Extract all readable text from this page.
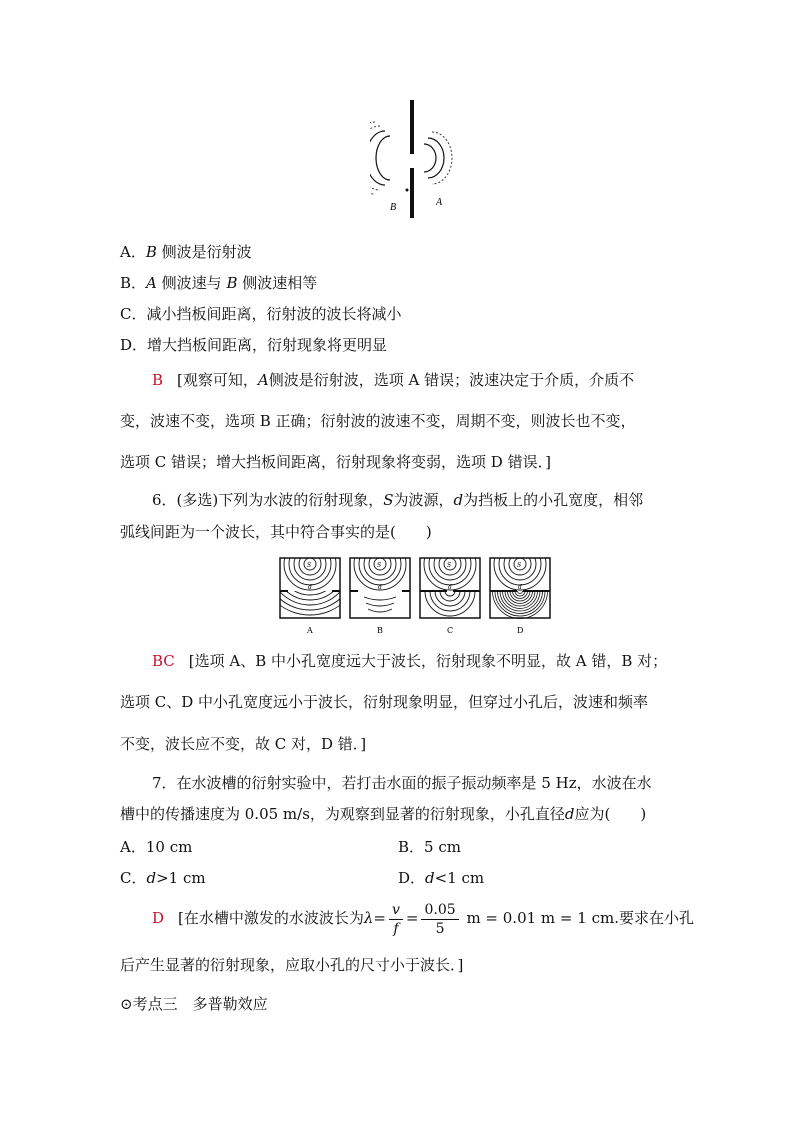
B	A
A．B 侧波是衍射波
B．A 侧波速与 B 侧波速相等
C．减小挡板间距离，衍射波的波长将减小
D．增大挡板间距离，衍射现象将更明显
B [观察可知，A侧波是衍射波，选项 A 错误；波速决定于介质，介质不
变，波速不变，选项 B 正确；衍射波的波速不变，周期不变，则波长也不变，
选项 C 错误；增大挡板间距离，衍射现象将变弱，选项 D 错误．]
6．(多选)下列为水波的衍射现象，S为波源，d为挡板上的小孔宽度，相邻
弧线间距为一个波长，其中符合事实的是(　　)
S
d
A
S
d
B
S
d
C
S
d
D
BC [选项 A、B 中小孔宽度远大于波长，衍射现象不明显，故 A 错，B 对；
选项 C、D 中小孔宽度远小于波长，衍射现象明显，但穿过小孔后，波速和频率
不变，波长应不变，故 C 对，D 错．]
7．在水波槽的衍射实验中，若打击水面的振子振动频率是 5 Hz，水波在水
槽中的传播速度为 0.05 m/s，为观察到显著的衍射现象，小孔直径d应为(　　)
A．10 cm	B．5 cm
C．d>1 cm	D．d<1 cm
D [在水槽中激发的水波波长为$\lambda= \frac{v}{f} = \frac{0.05}{5}$ m = 0.01 m = 1 cm.要求在小孔
后产生显著的衍射现象，应取小孔的尺寸小于波长．]
⊙考点三　多普勒效应
